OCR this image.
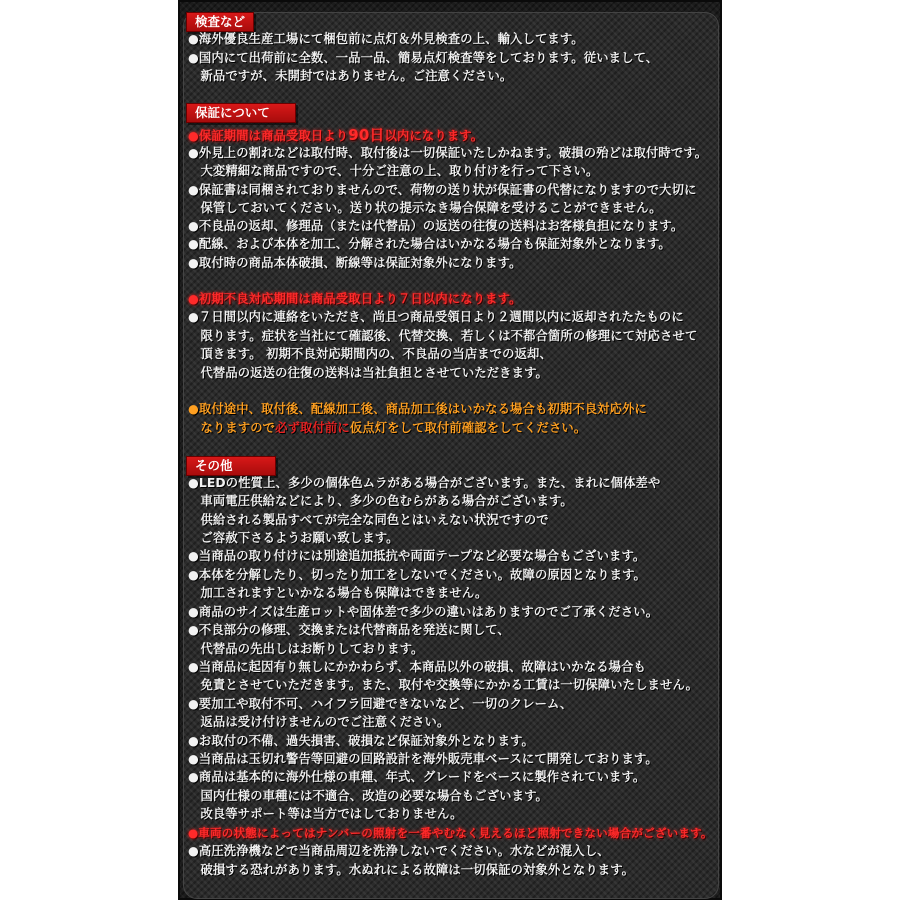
検査など
●海外優良生産工場にて梱包前に点灯＆外見検査の上、輸入してます。
●国内にて出荷前に全数、一品一品、簡易点灯検査等をしております。従いまして、
　新品ですが、未開封ではありません。ご注意ください。
保証について
●保証期間は商品受取日より90日以内になります。
●外見上の割れなどは取付時、取付後は一切保証いたしかねます。破損の殆どは取付時です。
　大変精細な商品ですので、十分ご注意の上、取り付けを行って下さい。
●保証書は同梱されておりませんので、荷物の送り状が保証書の代替になりますので大切に
　保管しておいてください。送り状の提示なき場合保障を受けることができません。
●不良品の返却、修理品（または代替品）の返送の往復の送料はお客様負担になります。
●配線、および本体を加工、分解された場合はいかなる場合も保証対象外となります。
●取付時の商品本体破損、断線等は保証対象外になります。
●初期不良対応期間は商品受取日より７日以内になります。
●７日間以内に連絡をいただき、尚且つ商品受領日より２週間以内に返却されたたものに
　限ります。症状を当社にて確認後、代替交換、若しくは不都合箇所の修理にて対応させて
　頂きます。 初期不良対応期間内の、不良品の当店までの返却、
　代替品の返送の往復の送料は当社負担とさせていただきます。
●取付途中、取付後、配線加工後、商品加工後はいかなる場合も初期不良対応外に
　なりますので必ず取付前に仮点灯をして取付前確認をしてください。
その他
●LEDの性質上、多少の個体色ムラがある場合がございます。また、まれに個体差や
　車両電圧供給などにより、多少の色むらがある場合がございます。
　供給される製品すべてが完全な同色とはいえない状況ですので
　ご容赦下さるようお願い致します。
●当商品の取り付けには別途追加抵抗や両面テープなど必要な場合もございます。
●本体を分解したり、切ったり加工をしないでください。故障の原因となります。
　加工されますといかなる場合も保障はできません。
●商品のサイズは生産ロットや固体差で多少の違いはありますのでご了承ください。
●不良部分の修理、交換または代替商品を発送に関して、
　代替品の先出しはお断りしております。
●当商品に起因有り無しにかかわらず、本商品以外の破損、故障はいかなる場合も
　免責とさせていただきます。また、取付や交換等にかかる工賃は一切保障いたしません。
●要加工や取付不可、ハイフラ回避できないなど、一切のクレーム、
　返品は受け付けませんのでご注意ください。
●お取付の不備、過失損害、破損など保証対象外となります。
●当商品は玉切れ警告等回避の回路設計を海外販売車ベースにて開発しております。
●商品は基本的に海外仕様の車種、年式、グレードをベースに製作されています。
　国内仕様の車種には不適合、改造の必要な場合もございます。
　改良等サポート等は当方ではしておりません。
●車両の状態によってはナンバーの照射を一番やむなく見えるほど照射できない場合がございます。
●高圧洗浄機などで当商品周辺を洗浄しないでください。水などが混入し、
　破損する恐れがあります。水ぬれによる故障は一切保証の対象外となります。
